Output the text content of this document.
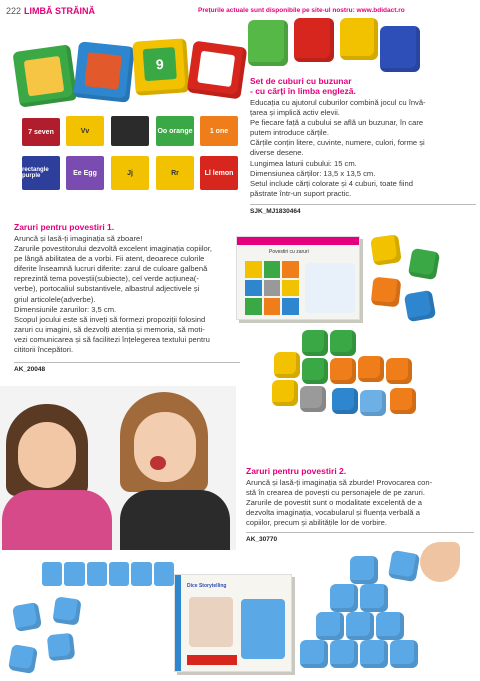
222 LIMBĂ STRĂINĂ	Prețurile actuale sunt disponibile pe site-ul nostru: www.bdidact.ro
9
7 seven	Vv	Oo orange	1 one
rectangle purple	Ee Egg	Jj	Rr	Ll lemon
Set de cuburi cu buzunar
- cu cărți în limba engleză.

Educația cu ajutorul cuburilor combină jocul cu învă-

țarea și implică activ elevii.

Pe fiecare față a cubului se află un buzunar, în care

putem introduce cărțile.

Cărțile conțin litere, cuvinte, numere, culori, forme și

diverse desene.

Lungimea laturii cubului: 15 cm.

Dimensiunea cărților: 13,5 x 13,5 cm.

Setul include cărți colorate și 4 cuburi, toate fiind

păstrate într-un suport practic.

SJK_MJ1830464
Zaruri pentru povestiri 1.

Aruncă și lasă-ți imaginația să zboare!

Zarurile povestitorului dezvoltă excelent imaginația copiilor,

pe lângă abilitatea de a vorbi. Fii atent, deoarece culorile

diferite înseamnă lucruri diferite: zarul de culoare galbenă

reprezintă tema poveștii(subiecte), cel verde acțiunea(-

verbe), portocaliul substantivele, albastrul adjectivele și

griul articolele(adverbe).

Dimensiunile zarurilor: 3,5 cm.

Scopul jocului este să inveți să formezi propoziții folosind

zaruri cu imagini, să dezvolți atenția și memoria, să moti-

vezi comunicarea și să facilitezi înțelegerea textului pentru

cititorii începători.

AK_20048
Povestiri cu zaruri
Zaruri pentru povestiri 2.

Aruncă și lasă-ți imaginația să zburde! Provocarea con-

stă în crearea de povești cu personajele de pe zaruri.

Zarurile de povestit sunt o modalitate excelentă de a

dezvolta imaginația, vocabularul și fluența verbală a

copiilor, precum și abilitățile lor de vorbire.

AK_30770
Dice Storytelling
